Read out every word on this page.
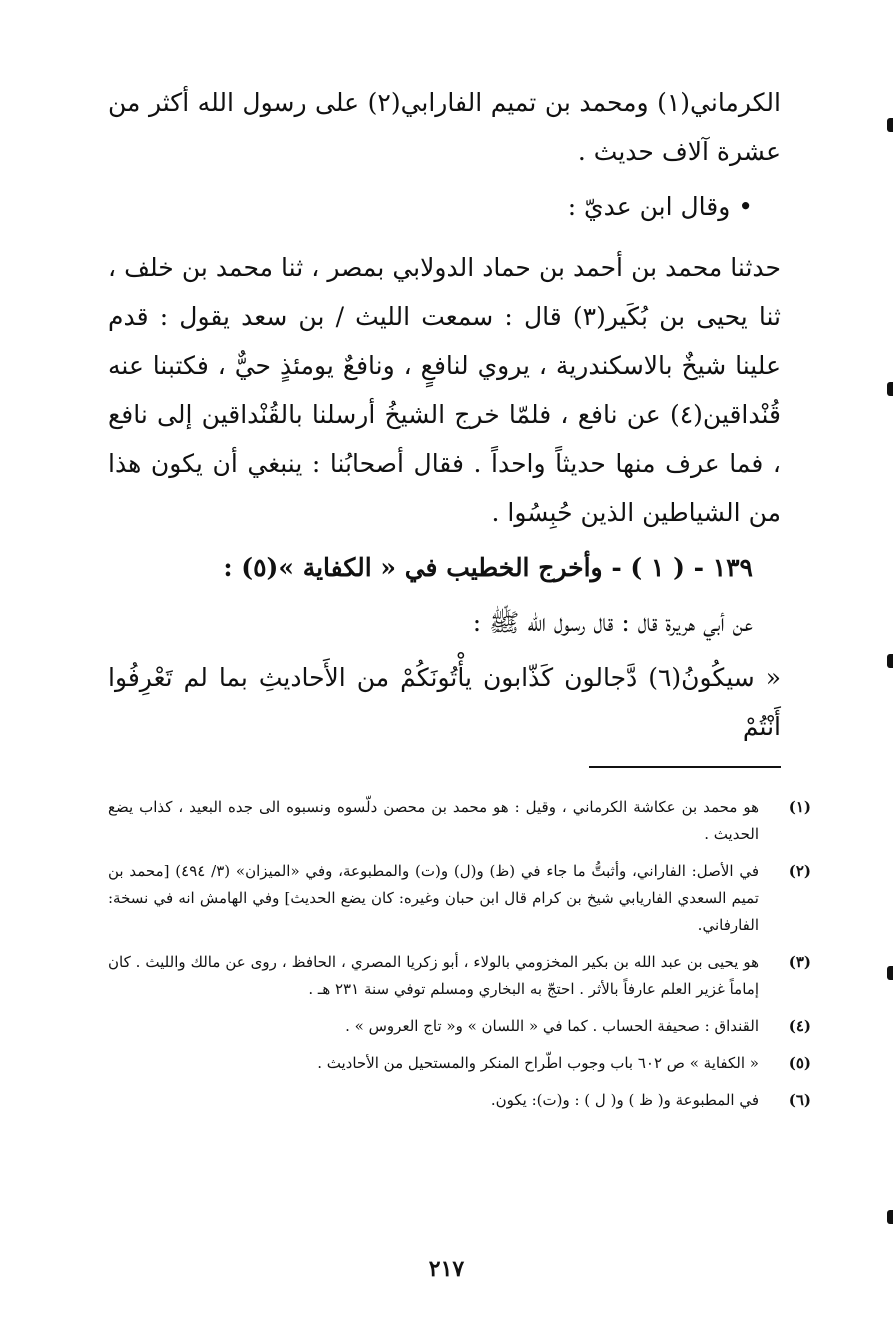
الكرماني(١) ومحمد بن تميم الفارابي(٢) على رسول الله أكثر من عشرة آلاف حديث .

• وقال ابن عديّ :

حدثنا محمد بن أحمد بن حماد الدولابي بمصر ، ثنا محمد بن خلف ، ثنا يحيى بن بُكَير(٣) قال : سمعت الليث / بن سعد يقول : قدم علينا شيخٌ بالاسكندرية ، يروي لنافعٍ ، ونافعٌ يومئذٍ حيٌّ ، فكتبنا عنه قُنْداقين(٤) عن نافع ، فلمّا خرج الشيخُ أرسلنا بالقُنْداقين إلى نافع ، فما عرف منها حديثاً واحداً . فقال أصحابُنا : ينبغي أن يكون هذا من الشياطين الذين حُبِسُوا .

١٣٩ - ( ١ ) - وأخرج الخطيب في « الكفاية »(٥) :

عن أبي هريرة قال : قال رسول الله ﷺ :

« سيكُونُ(٦) دَّجالون كَذّابون يأْتُونَكُمْ من الأَحاديثِ بما لم تَعْرِفُوا أَنْتُمْ

(١)
هو محمد بن عكاشة الكرماني ، وقيل : هو محمد بن محصن دلّسوه ونسبوه الى جده البعيد ، كذاب يضع الحديث .
(٢)
في الأصل: الفاراني، وأثبتُّ ما جاء في (ظ) و(ل) و(ت) والمطبوعة، وفي «الميزان» (٣/ ٤٩٤) [محمد بن تميم السعدي الفاريابي شيخ بن كرام قال ابن حبان وغيره: كان يضع الحديث] وفي الهامش انه في نسخة: الفارفاني.
(٣)
هو يحيى بن عبد الله بن بكير المخزومي بالولاء ، أبو زكريا المصري ، الحافظ ، روى عن مالك والليث . كان إماماً غزير العلم عارفاً بالأثر . احتجّ به البخاري ومسلم توفي سنة ٢٣١ هـ .
(٤)
القنداق : صحيفة الحساب . كما في « اللسان » و« تاج العروس » .
(٥)
« الكفاية » ص ٦٠٢ باب وجوب اطّراح المنكر والمستحيل من الأحاديث .
(٦)
في المطبوعة و( ظ ) و( ل ) : و(ت): يكون.
٢١٧
